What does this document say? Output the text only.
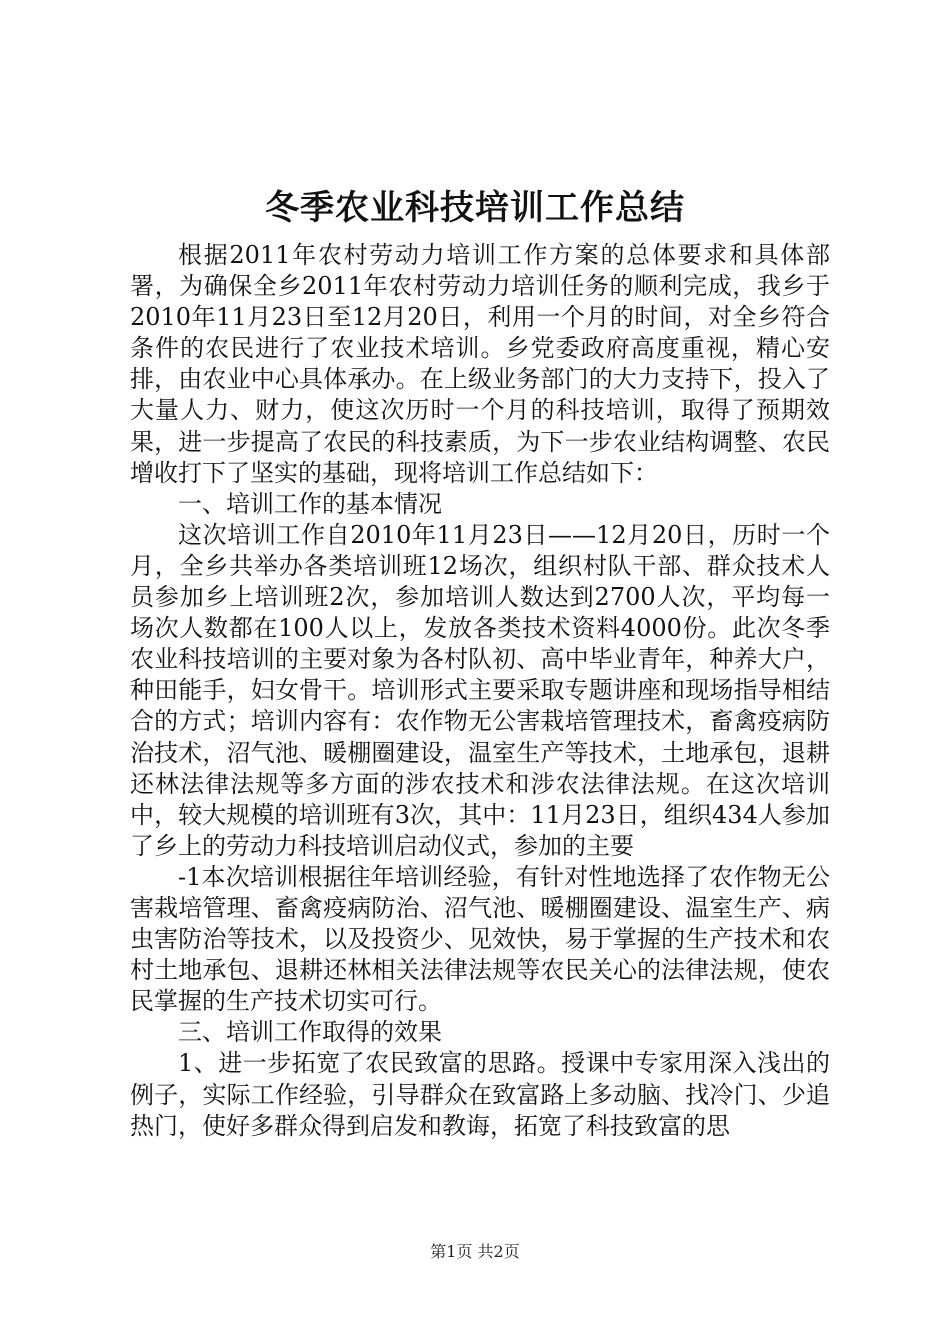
冬季农业科技培训工作总结

根据2011年农村劳动力培训工作方案的总体要求和具体部署，为确保全乡2011年农村劳动力培训任务的顺利完成，我乡于2010年11月23日至12月20日，利用一个月的时间，对全乡符合条件的农民进行了农业技术培训。乡党委政府高度重视，精心安排，由农业中心具体承办。在上级业务部门的大力支持下，投入了大量人力、财力，使这次历时一个月的科技培训，取得了预期效果，进一步提高了农民的科技素质，为下一步农业结构调整、农民增收打下了坚实的基础，现将培训工作总结如下：

一、培训工作的基本情况

这次培训工作自2010年11月23日——12月20日，历时一个月，全乡共举办各类培训班12场次，组织村队干部、群众技术人员参加乡上培训班2次，参加培训人数达到2700人次，平均每一场次人数都在100人以上，发放各类技术资料4000份。此次冬季农业科技培训的主要对象为各村队初、高中毕业青年，种养大户，种田能手，妇女骨干。培训形式主要采取专题讲座和现场指导相结合的方式；培训内容有：农作物无公害栽培管理技术，畜禽疫病防治技术，沼气池、暖棚圈建设，温室生产等技术，土地承包，退耕还林法律法规等多方面的涉农技术和涉农法律法规。在这次培训中，较大规模的培训班有3次，其中：11月23日，组织434人参加了乡上的劳动力科技培训启动仪式，参加的主要

-1本次培训根据往年培训经验，有针对性地选择了农作物无公害栽培管理、畜禽疫病防治、沼气池、暖棚圈建设、温室生产、病虫害防治等技术，以及投资少、见效快，易于掌握的生产技术和农村土地承包、退耕还林相关法律法规等农民关心的法律法规，使农民掌握的生产技术切实可行。

三、培训工作取得的效果

1、进一步拓宽了农民致富的思路。授课中专家用深入浅出的例子，实际工作经验，引导群众在致富路上多动脑、找冷门、少追热门，使好多群众得到启发和教诲，拓宽了科技致富的思

第1页 共2页
